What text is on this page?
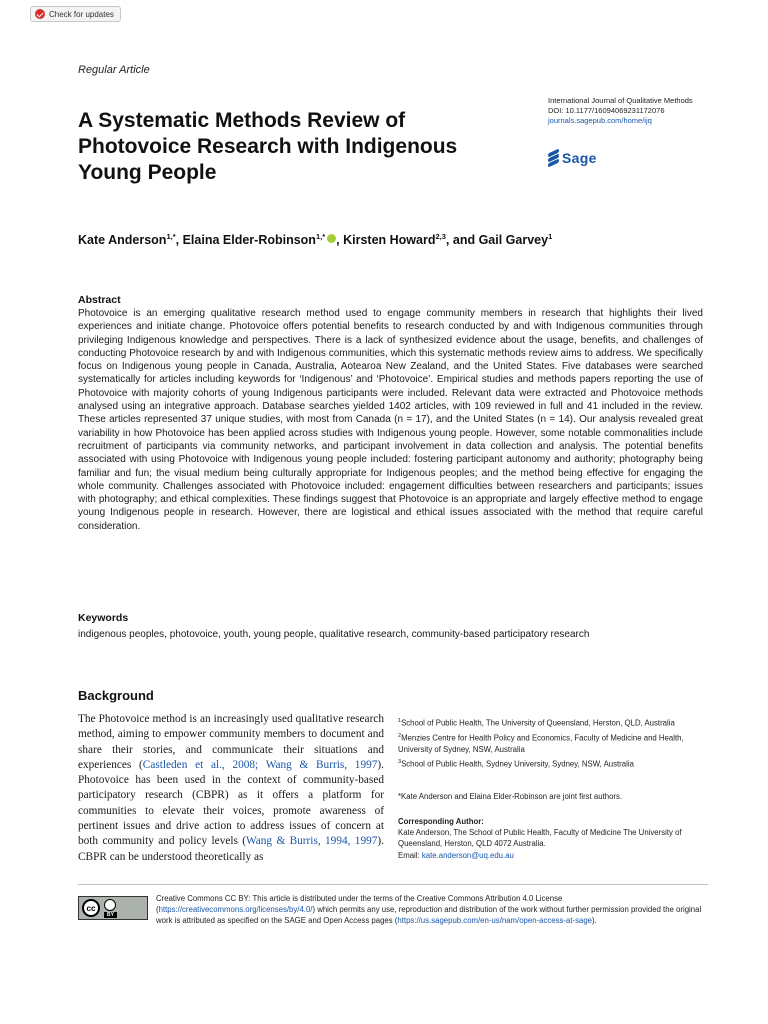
Check for updates
Regular Article
A Systematic Methods Review of Photovoice Research with Indigenous Young People
International Journal of Qualitative Methods
DOI: 10.1177/16094069231172076
journals.sagepub.com/home/ijq
Sage
Kate Anderson$^{1,*}$, Elaina Elder-Robinson$^{1,*}$ , Kirsten Howard$^{2,3}$, and Gail Garvey$^1$
Abstract
Photovoice is an emerging qualitative research method used to engage community members in research that highlights their lived experiences and initiate change. Photovoice offers potential benefits to research conducted by and with Indigenous communities through privileging Indigenous knowledge and perspectives. There is a lack of synthesized evidence about the usage, benefits, and challenges of conducting Photovoice research by and with Indigenous communities, which this systematic methods review aims to address. We specifically focus on Indigenous young people in Canada, Australia, Aotearoa New Zealand, and the United States. Five databases were searched systematically for articles including keywords for ‘Indigenous’ and ‘Photovoice’. Empirical studies and methods papers reporting the use of Photovoice with majority cohorts of young Indigenous participants were included. Relevant data were extracted and Photovoice methods analysed using an integrative approach. Database searches yielded 1402 articles, with 109 reviewed in full and 41 included in the review. These articles represented 37 unique studies, with most from Canada (n = 17), and the United States (n = 14). Our analysis revealed great variability in how Photovoice has been applied across studies with Indigenous young people. However, some notable commonalities include recruitment of participants via community networks, and participant involvement in data collection and analysis. The potential benefits associated with using Photovoice with Indigenous young people included: fostering participant autonomy and authority; photography being familiar and fun; the visual medium being culturally appropriate for Indigenous peoples; and the method being effective for engaging the whole community. Challenges associated with Photovoice included: engagement difficulties between researchers and participants; issues with photography; and ethical complexities. These findings suggest that Photovoice is an appropriate and largely effective method to engage young Indigenous people in research. However, there are logistical and ethical issues associated with the method that require careful consideration.
Keywords
indigenous peoples, photovoice, youth, young people, qualitative research, community-based participatory research
Background
The Photovoice method is an increasingly used qualitative research method, aiming to empower community members to document and share their stories, and communicate their situations and experiences (Castleden et al., 2008; Wang & Burris, 1997). Photovoice has been used in the context of community-based participatory research (CBPR) as it offers a platform for communities to elevate their voices, promote awareness of pertinent issues and drive action to address issues of concern at both community and policy levels (Wang & Burris, 1994, 1997). CBPR can be understood theoretically as

$^1$School of Public Health, The University of Queensland, Herston, QLD, Australia

$^2$Menzies Centre for Health Policy and Economics, Faculty of Medicine and Health, University of Sydney, NSW, Australia

$^3$School of Public Health, Sydney University, Sydney, NSW, Australia

*Kate Anderson and Elaina Elder-Robinson are joint first authors.
Corresponding Author:
Kate Anderson, The School of Public Health, Faculty of Medicine The University of Queensland, Herston, QLD 4072 Australia.
Email: kate.anderson@uq.edu.au
cc
BY
Creative Commons CC BY: This article is distributed under the terms of the Creative Commons Attribution 4.0 License (https://creativecommons.org/licenses/by/4.0/) which permits any use, reproduction and distribution of the work without further permission provided the original work is attributed as specified on the SAGE and Open Access pages (https://us.sagepub.com/en-us/nam/open-access-at-sage).
